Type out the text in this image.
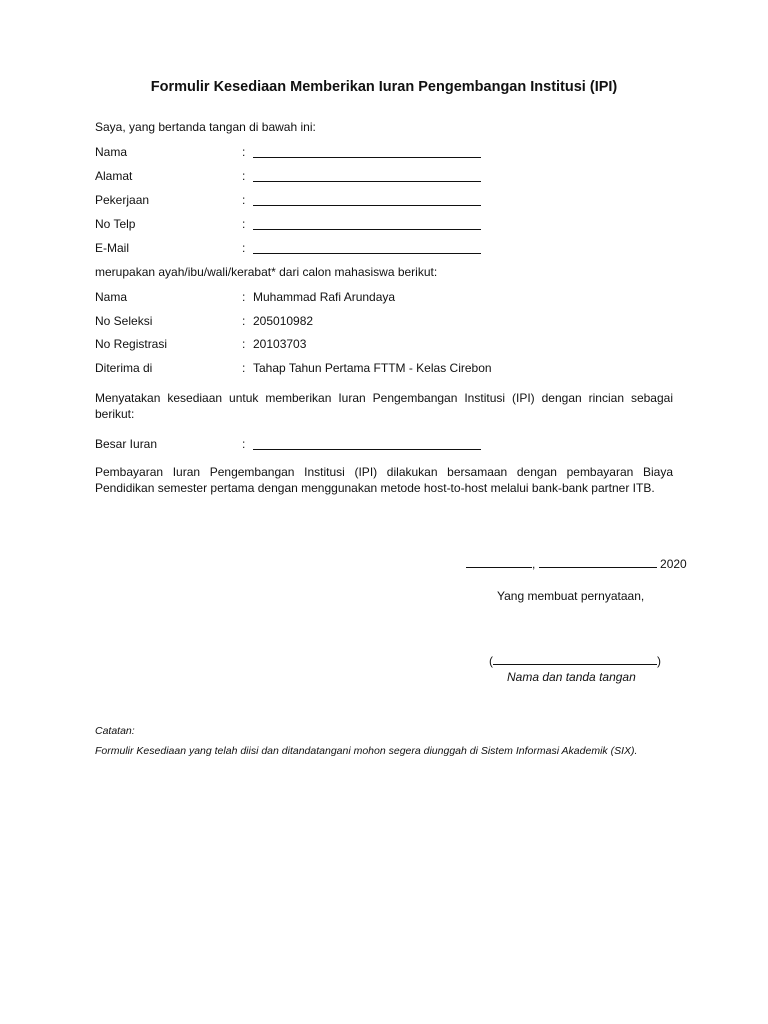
Formulir Kesediaan Memberikan Iuran Pengembangan Institusi (IPI)
Saya, yang bertanda tangan di bawah ini:
Nama	:
Alamat	:
Pekerjaan	:
No Telp	:
E-Mail	:
merupakan ayah/ibu/wali/kerabat* dari calon mahasiswa berikut:
Nama	: Muhammad Rafi Arundaya
No Seleksi	: 205010982
No Registrasi	: 20103703
Diterima di	: Tahap Tahun Pertama FTTM - Kelas Cirebon
Menyatakan kesediaan untuk memberikan Iuran Pengembangan Institusi (IPI) dengan rincian sebagai berikut:
Besar Iuran	:
Pembayaran Iuran Pengembangan Institusi (IPI) dilakukan bersamaan dengan pembayaran Biaya Pendidikan semester pertama dengan menggunakan metode host-to-host melalui bank-bank partner ITB.
,	2020
Yang membuat pernyataan,
(	)
Nama dan tanda tangan
Catatan:
Formulir Kesediaan yang telah diisi dan ditandatangani mohon segera diunggah di Sistem Informasi Akademik (SIX).
